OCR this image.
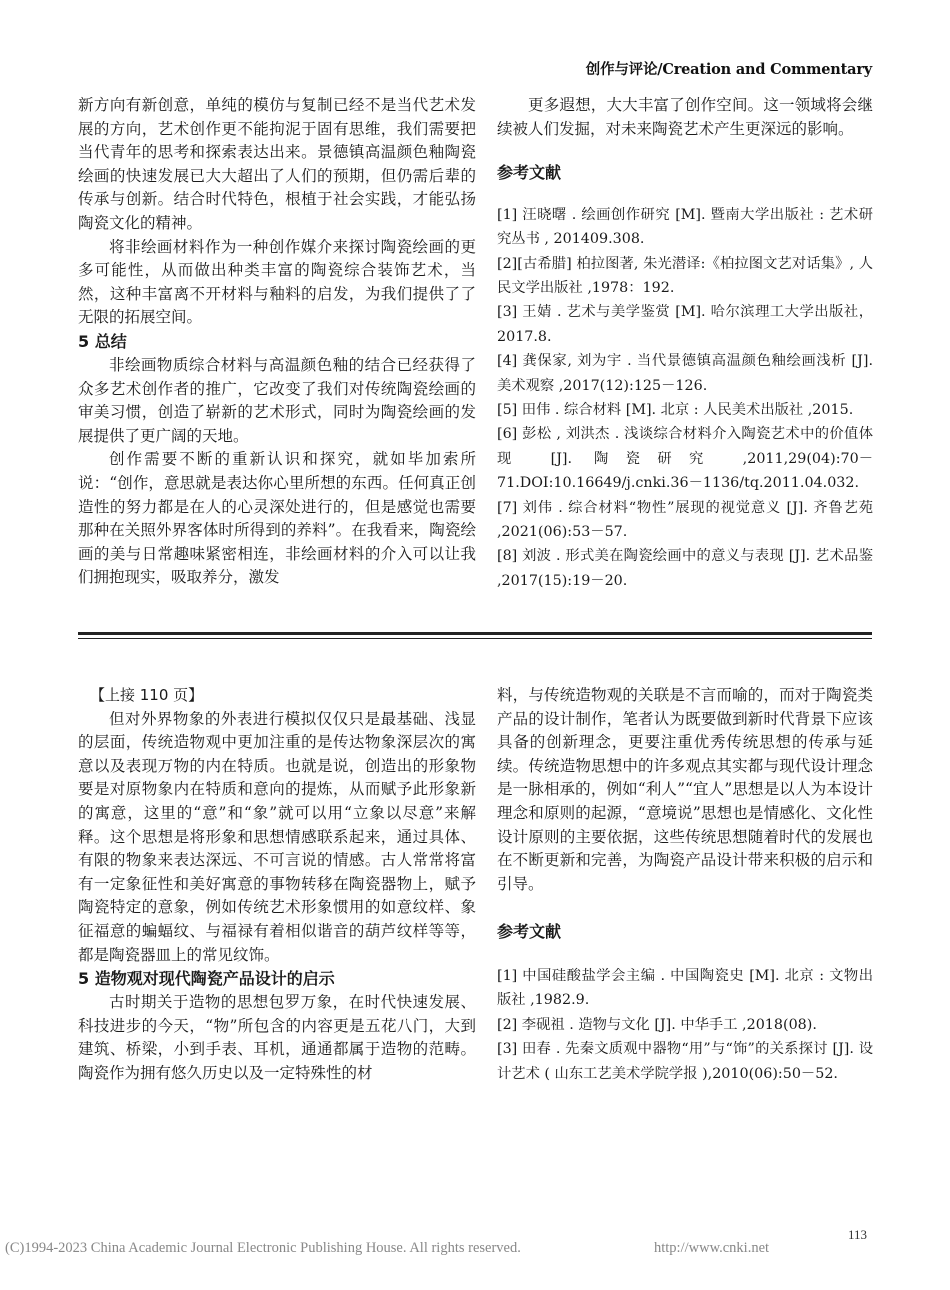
创作与评论/Creation and Commentary

新方向有新创意，单纯的模仿与复制已经不是当代艺术发展的方向，艺术创作更不能拘泥于固有思维，我们需要把当代青年的思考和探索表达出来。景德镇高温颜色釉陶瓷绘画的快速发展已大大超出了人们的预期，但仍需后辈的传承与创新。结合时代特色，根植于社会实践，才能弘扬陶瓷文化的精神。

将非绘画材料作为一种创作媒介来探讨陶瓷绘画的更多可能性，从而做出种类丰富的陶瓷综合装饰艺术，当然，这种丰富离不开材料与釉料的启发，为我们提供了了无限的拓展空间。

5 总结

非绘画物质综合材料与高温颜色釉的结合已经获得了众多艺术创作者的推广，它改变了我们对传统陶瓷绘画的审美习惯，创造了崭新的艺术形式，同时为陶瓷绘画的发展提供了更广阔的天地。

创作需要不断的重新认识和探究，就如毕加索所说：“创作，意思就是表达你心里所想的东西。任何真正创造性的努力都是在人的心灵深处进行的，但是感觉也需要那种在关照外界客体时所得到的养料”。在我看来，陶瓷绘画的美与日常趣味紧密相连，非绘画材料的介入可以让我们拥抱现实，吸取养分，激发

更多遐想，大大丰富了创作空间。这一领域将会继续被人们发掘，对未来陶瓷艺术产生更深远的影响。

参考文献
[1] 汪晓曙 . 绘画创作研究 [M]. 暨南大学出版社 : 艺术研究丛书 , 201409.308.
[2][古希腊] 柏拉图著, 朱光潜译:《柏拉图文艺对话集》, 人民文学出版社 ,1978：192.
[3] 王婧 . 艺术与美学鉴赏 [M]. 哈尔滨理工大学出版社，2017.8.
[4] 龚保家, 刘为宇 . 当代景德镇高温颜色釉绘画浅析 [J]. 美术观察 ,2017(12):125－126.
[5] 田伟 . 综合材料 [M]. 北京 : 人民美术出版社 ,2015.
[6] 彭松 , 刘洪杰 . 浅谈综合材料介入陶瓷艺术中的价值体现 [J]. 陶瓷研究 ,2011,29(04):70－71.DOI:10.16649/j.cnki.36－1136/tq.2011.04.032.
[7] 刘伟 . 综合材料“物性”展现的视觉意义 [J]. 齐鲁艺苑 ,2021(06):53－57.
[8] 刘波 . 形式美在陶瓷绘画中的意义与表现 [J]. 艺术品鉴 ,2017(15):19－20.

【上接 110 页】

但对外界物象的外表进行模拟仅仅只是最基础、浅显的层面，传统造物观中更加注重的是传达物象深层次的寓意以及表现万物的内在特质。也就是说，创造出的形象物要是对原物象内在特质和意向的提炼，从而赋予此形象新的寓意，这里的“意”和“象”就可以用“立象以尽意”来解释。这个思想是将形象和思想情感联系起来，通过具体、有限的物象来表达深远、不可言说的情感。古人常常将富有一定象征性和美好寓意的事物转移在陶瓷器物上，赋予陶瓷特定的意象，例如传统艺术形象惯用的如意纹样、象征福意的蝙蝠纹、与福禄有着相似谐音的葫芦纹样等等，都是陶瓷器皿上的常见纹饰。

5 造物观对现代陶瓷产品设计的启示

古时期关于造物的思想包罗万象，在时代快速发展、科技进步的今天，“物”所包含的内容更是五花八门，大到建筑、桥梁，小到手表、耳机，通通都属于造物的范畴。陶瓷作为拥有悠久历史以及一定特殊性的材

料，与传统造物观的关联是不言而喻的，而对于陶瓷类产品的设计制作，笔者认为既要做到新时代背景下应该具备的创新理念，更要注重优秀传统思想的传承与延续。传统造物思想中的许多观点其实都与现代设计理念是一脉相承的，例如“利人”“宜人”思想是以人为本设计理念和原则的起源，“意境说”思想也是情感化、文化性设计原则的主要依据，这些传统思想随着时代的发展也在不断更新和完善，为陶瓷产品设计带来积极的启示和引导。

参考文献
[1] 中国硅酸盐学会主编 . 中国陶瓷史 [M]. 北京 : 文物出版社 ,1982.9.
[2] 李砚祖 . 造物与文化 [J]. 中华手工 ,2018(08).
[3] 田春 . 先秦文质观中器物“用”与“饰”的关系探讨 [J]. 设计艺术 ( 山东工艺美术学院学报 ),2010(06):50－52.
113
(C)1994-2023 China Academic Journal Electronic Publishing House. All rights reserved.	http://www.cnki.net
